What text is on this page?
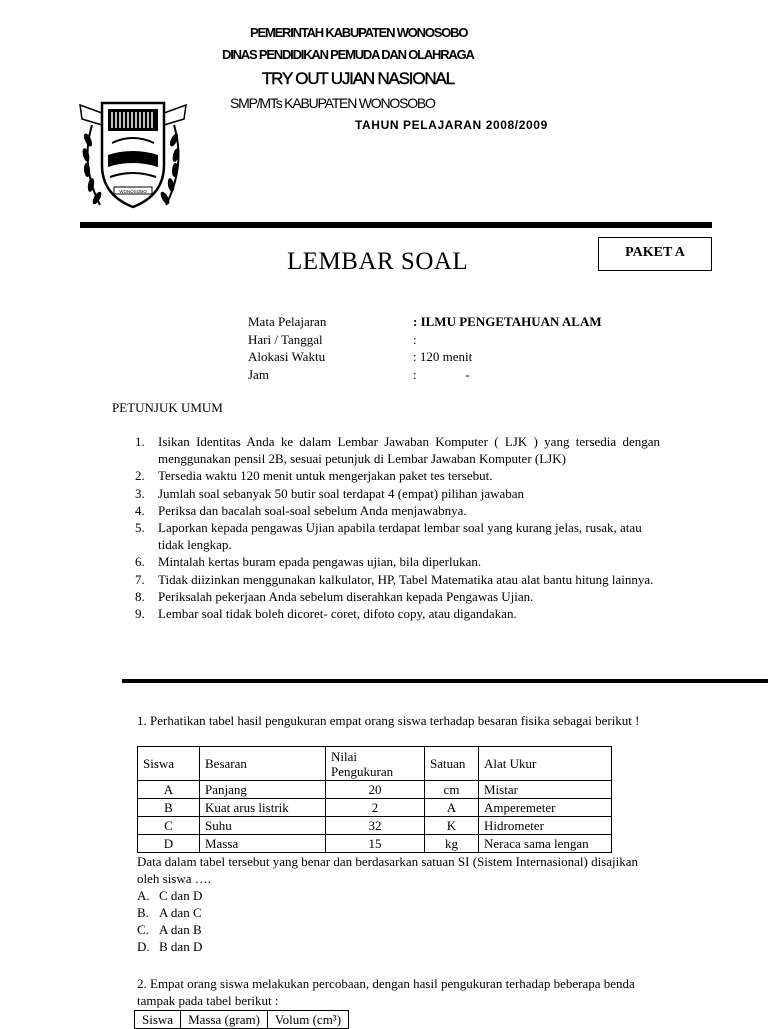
PEMERINTAH KABUPATEN WONOSOBO
DINAS PENDIDIKAN PEMUDA DAN OLAHRAGA
TRY OUT UJIAN NASIONAL
SMP/MTs KABUPATEN WONOSOBO
TAHUN PELAJARAN 2008/2009
WONOSOBO
LEMBAR SOAL	PAKET A
Mata Pelajaran	: ILMU PENGETAHUAN ALAM
Hari / Tanggal	:
Alokasi Waktu	: 120 menit
Jam	:               -
PETUNJUK UMUM
1.	Isikan Identitas Anda ke dalam Lembar Jawaban Komputer ( LJK ) yang tersedia dengan menggunakan pensil 2B, sesuai petunjuk di Lembar Jawaban Komputer (LJK)
2.	Tersedia waktu 120 menit untuk mengerjakan paket tes tersebut.
3.	Jumlah soal sebanyak 50 butir soal terdapat 4 (empat) pilihan jawaban
4.	Periksa dan bacalah soal-soal sebelum Anda menjawabnya.
5.	Laporkan kepada pengawas Ujian apabila terdapat lembar soal yang kurang jelas, rusak, atau tidak lengkap.
6.	Mintalah kertas buram epada pengawas ujian, bila diperlukan.
7.	Tidak diizinkan menggunakan kalkulator, HP, Tabel Matematika atau alat bantu hitung lainnya.
8.	Periksalah pekerjaan Anda sebelum diserahkan kepada Pengawas Ujian.
9.	Lembar soal tidak boleh dicoret- coret, difoto copy, atau digandakan.
1. Perhatikan tabel hasil pengukuran empat orang siswa terhadap besaran fisika sebagai berikut !
Siswa	Besaran	Nilai Pengukuran	Satuan	Alat Ukur
A	Panjang	20	cm	Mistar
B	Kuat arus listrik	2	A	Amperemeter
C	Suhu	32	K	Hidrometer
D	Massa	15	kg	Neraca sama lengan
Data dalam tabel tersebut yang benar dan berdasarkan satuan SI (Sistem Internasional) disajikan oleh siswa ….
A. C dan D
B. A dan C
C. A dan B
D. B dan D
2. Empat orang siswa melakukan percobaan, dengan hasil pengukuran terhadap beberapa benda tampak pada tabel berikut :
Siswa	Massa (gram)	Volum (cm³)
